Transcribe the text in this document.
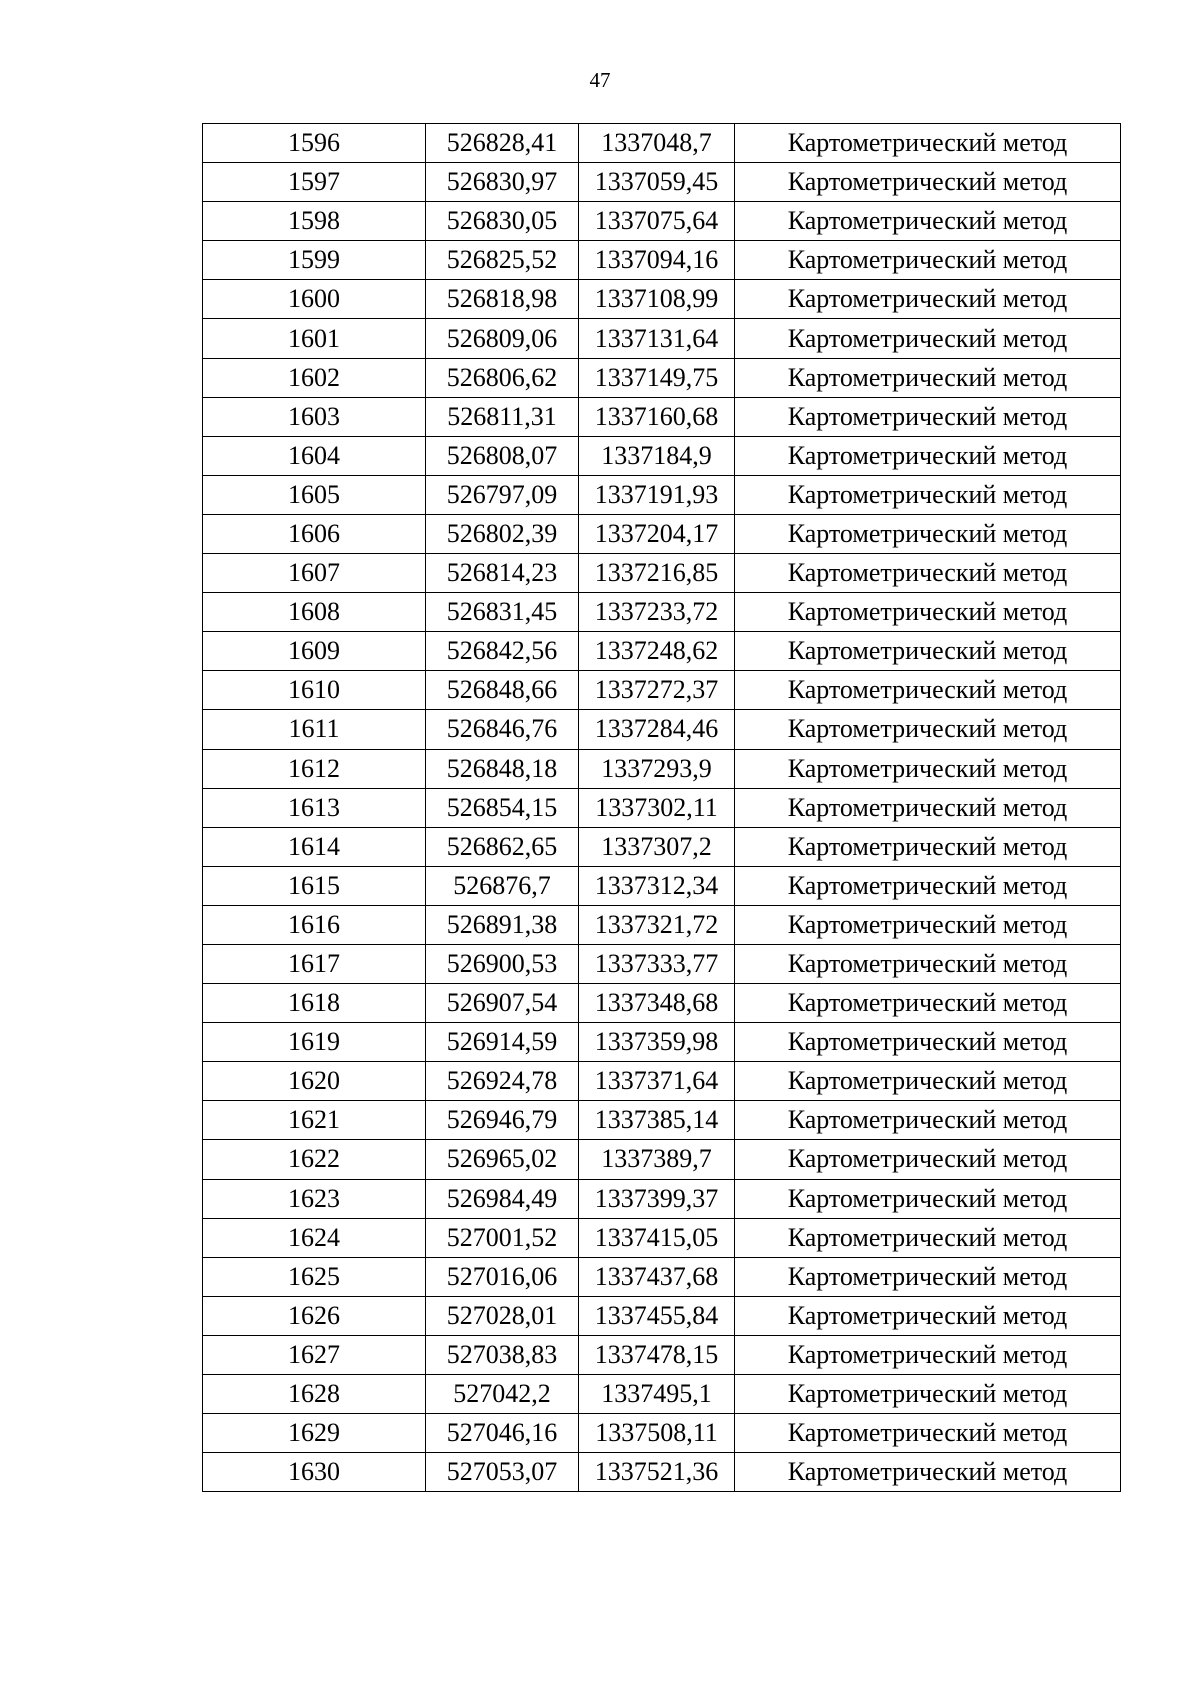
47
1596	526828,41	1337048,7	Картометрический метод
1597	526830,97	1337059,45	Картометрический метод
1598	526830,05	1337075,64	Картометрический метод
1599	526825,52	1337094,16	Картометрический метод
1600	526818,98	1337108,99	Картометрический метод
1601	526809,06	1337131,64	Картометрический метод
1602	526806,62	1337149,75	Картометрический метод
1603	526811,31	1337160,68	Картометрический метод
1604	526808,07	1337184,9	Картометрический метод
1605	526797,09	1337191,93	Картометрический метод
1606	526802,39	1337204,17	Картометрический метод
1607	526814,23	1337216,85	Картометрический метод
1608	526831,45	1337233,72	Картометрический метод
1609	526842,56	1337248,62	Картометрический метод
1610	526848,66	1337272,37	Картометрический метод
1611	526846,76	1337284,46	Картометрический метод
1612	526848,18	1337293,9	Картометрический метод
1613	526854,15	1337302,11	Картометрический метод
1614	526862,65	1337307,2	Картометрический метод
1615	526876,7	1337312,34	Картометрический метод
1616	526891,38	1337321,72	Картометрический метод
1617	526900,53	1337333,77	Картометрический метод
1618	526907,54	1337348,68	Картометрический метод
1619	526914,59	1337359,98	Картометрический метод
1620	526924,78	1337371,64	Картометрический метод
1621	526946,79	1337385,14	Картометрический метод
1622	526965,02	1337389,7	Картометрический метод
1623	526984,49	1337399,37	Картометрический метод
1624	527001,52	1337415,05	Картометрический метод
1625	527016,06	1337437,68	Картометрический метод
1626	527028,01	1337455,84	Картометрический метод
1627	527038,83	1337478,15	Картометрический метод
1628	527042,2	1337495,1	Картометрический метод
1629	527046,16	1337508,11	Картометрический метод
1630	527053,07	1337521,36	Картометрический метод
